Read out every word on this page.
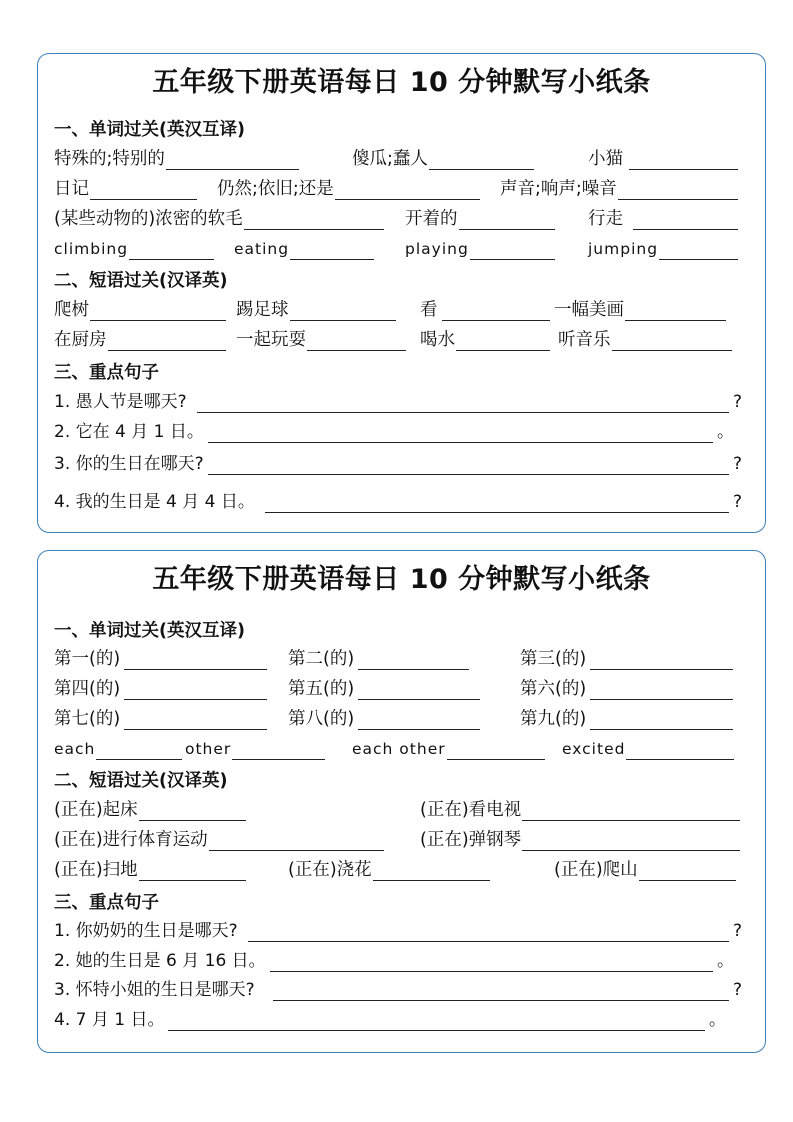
五年级下册英语每日 10 分钟默写小纸条
一、单词过关(英汉互译)
特殊的;特别的	傻瓜;蠢人	小猫
日记	仍然;依旧;还是	声音;响声;噪音
(某些动物的)浓密的软毛	开着的	行走
climbing	eating	playing	jumping
二、短语过关(汉译英)
爬树	踢足球	看	一幅美画
在厨房	一起玩耍	喝水	听音乐
三、重点句子
1. 愚人节是哪天?	?
2. 它在 4 月 1 日。	。
3. 你的生日在哪天?	?
4. 我的生日是 4 月 4 日。	?
五年级下册英语每日 10 分钟默写小纸条
一、单词过关(英汉互译)
第一(的)	第二(的)	第三(的)
第四(的)	第五(的)	第六(的)
第七(的)	第八(的)	第九(的)
each	other	each other	excited
二、短语过关(汉译英)
(正在)起床	(正在)看电视
(正在)进行体育运动	(正在)弹钢琴
(正在)扫地	(正在)浇花	(正在)爬山
三、重点句子
1. 你奶奶的生日是哪天?	?
2. 她的生日是 6 月 16 日。	。
3. 怀特小姐的生日是哪天?	?
4. 7 月 1 日。	。
